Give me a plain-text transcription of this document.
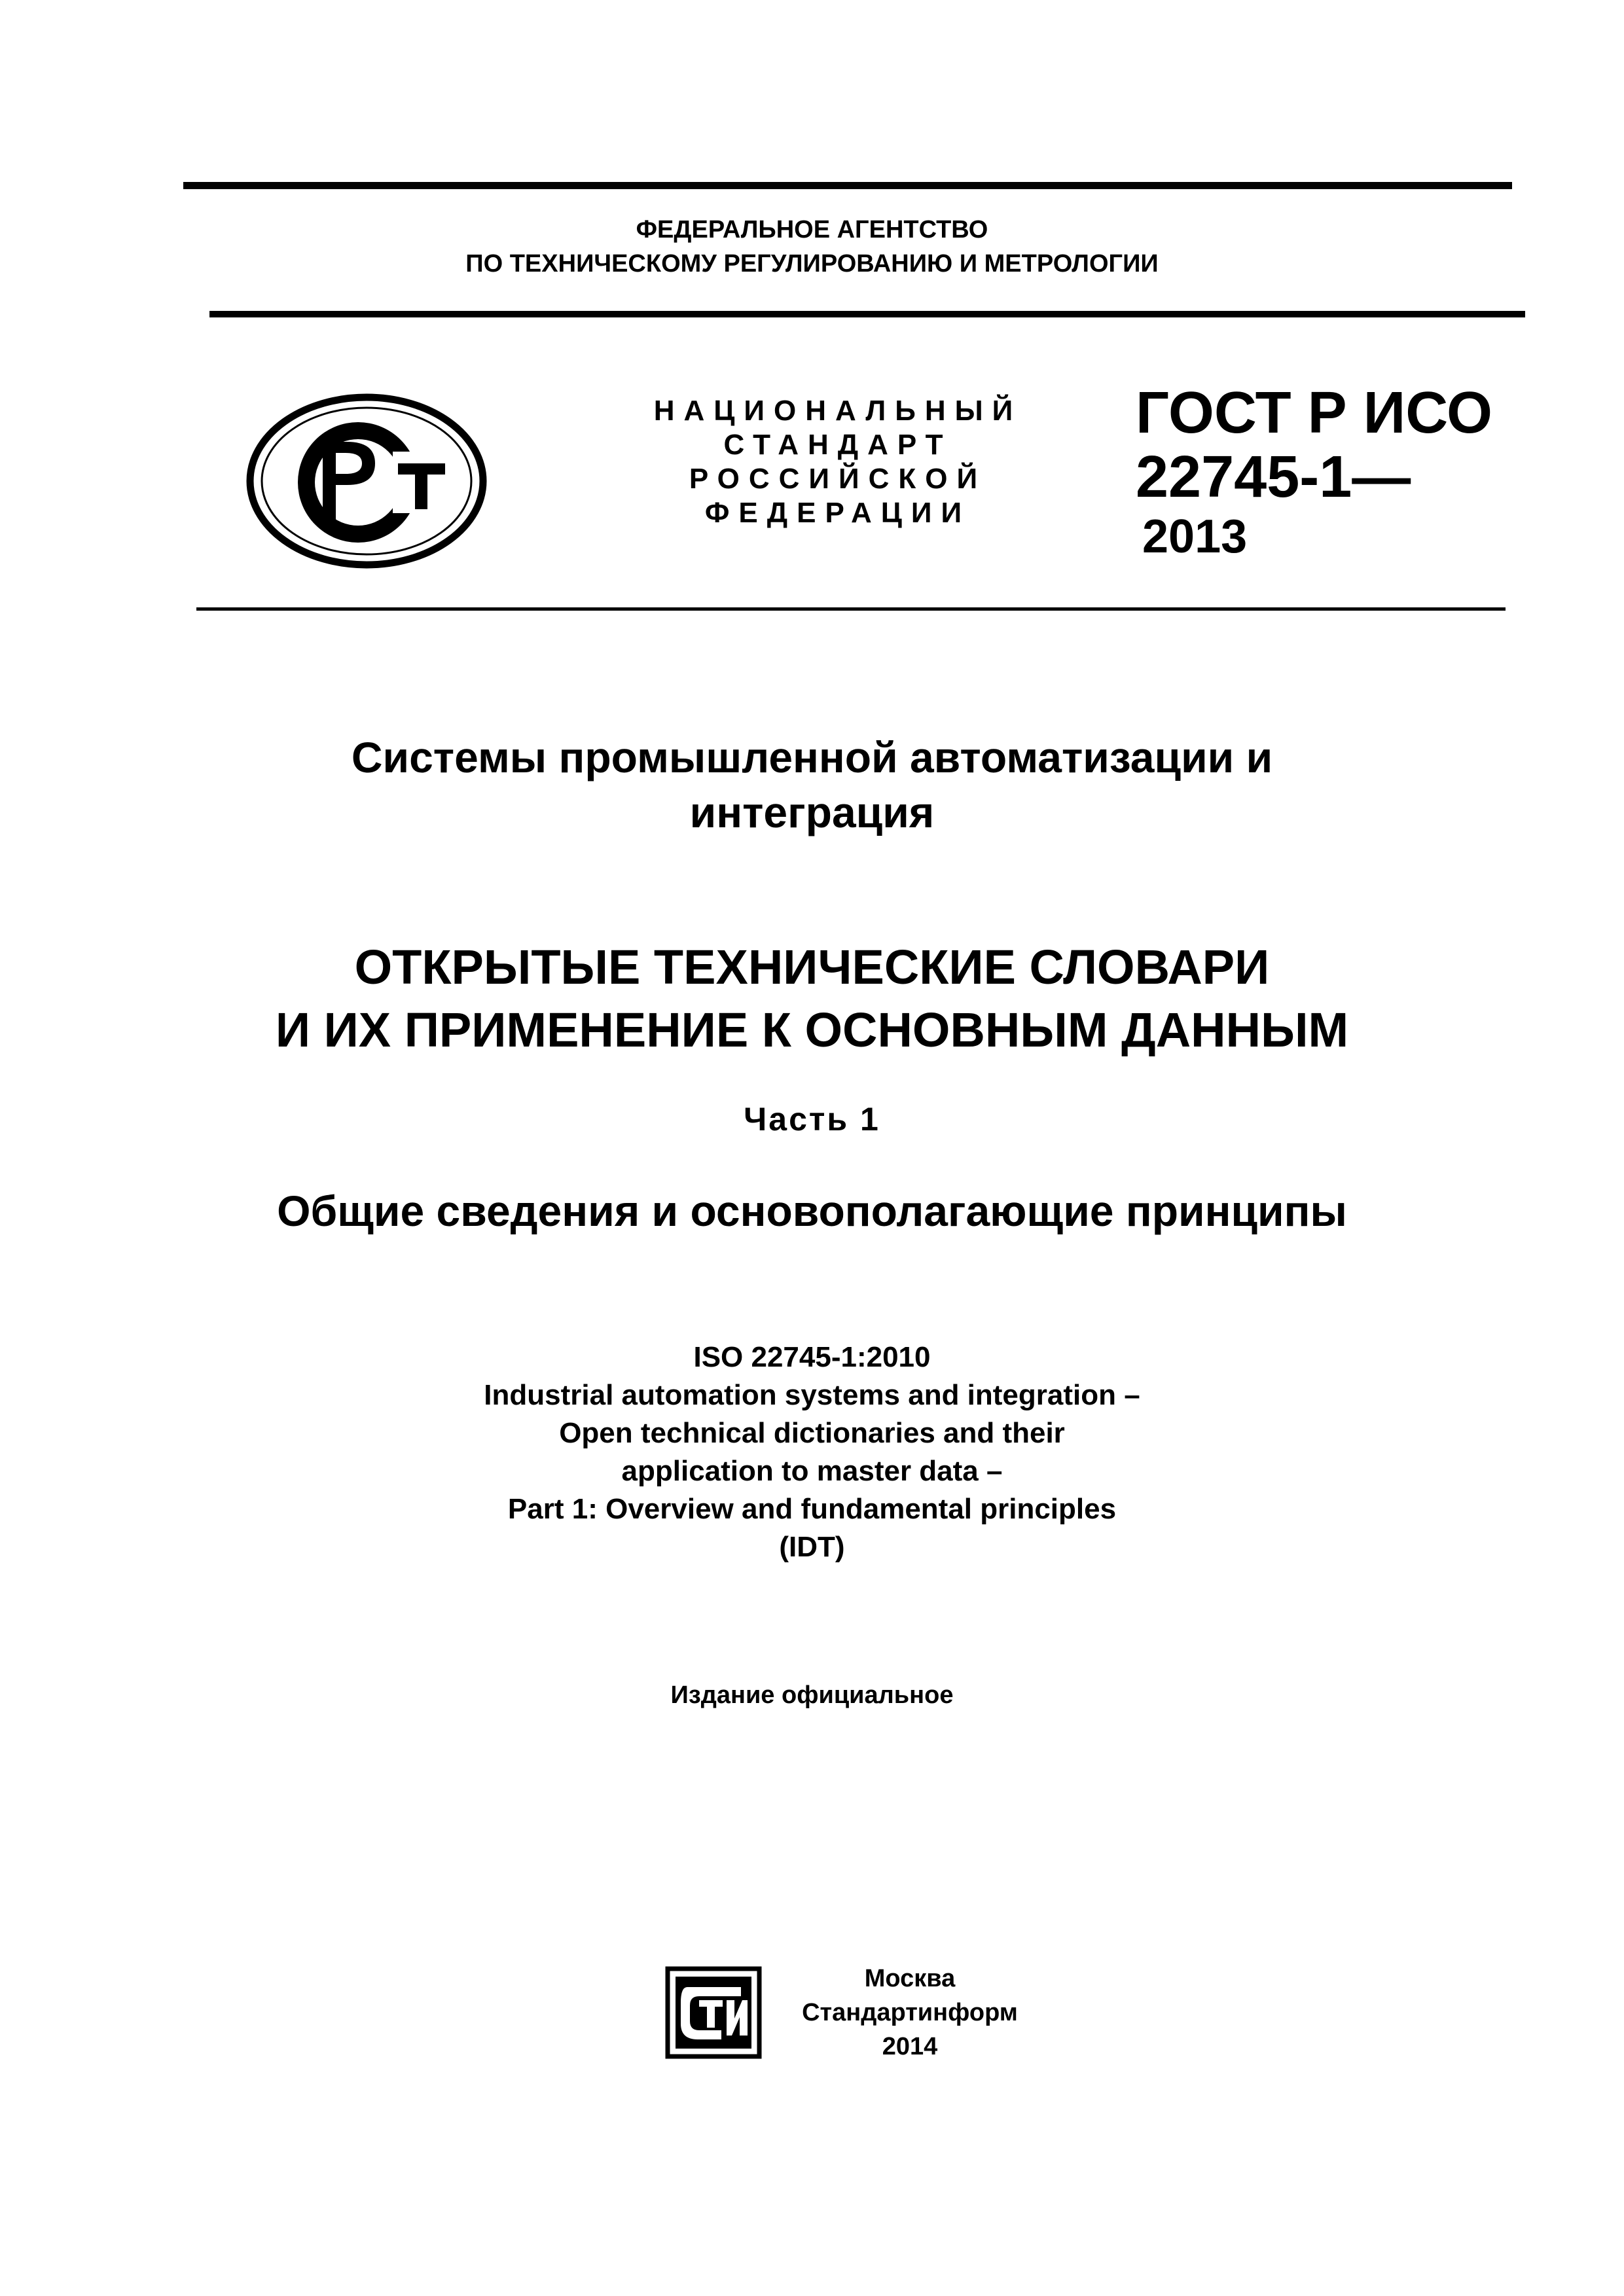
ФЕДЕРАЛЬНОЕ АГЕНТСТВО
ПО ТЕХНИЧЕСКОМУ РЕГУЛИРОВАНИЮ И МЕТРОЛОГИИ
НАЦИОНАЛЬНЫЙ
СТАНДАРТ
РОССИЙСКОЙ
ФЕДЕРАЦИИ
ГОСТ Р ИСО
22745-1—
2013
Системы промышленной автоматизации и
интеграция
ОТКРЫТЫЕ ТЕХНИЧЕСКИЕ СЛОВАРИ
И ИХ ПРИМЕНЕНИЕ К ОСНОВНЫМ ДАННЫМ
Часть 1
Общие сведения и основополагающие принципы
ISO 22745-1:2010
Industrial automation systems and integration –
Open technical dictionaries and their
application to master data –
Part 1: Overview and fundamental principles
(IDT)
Издание официальное
Москва
Стандартинформ
2014
